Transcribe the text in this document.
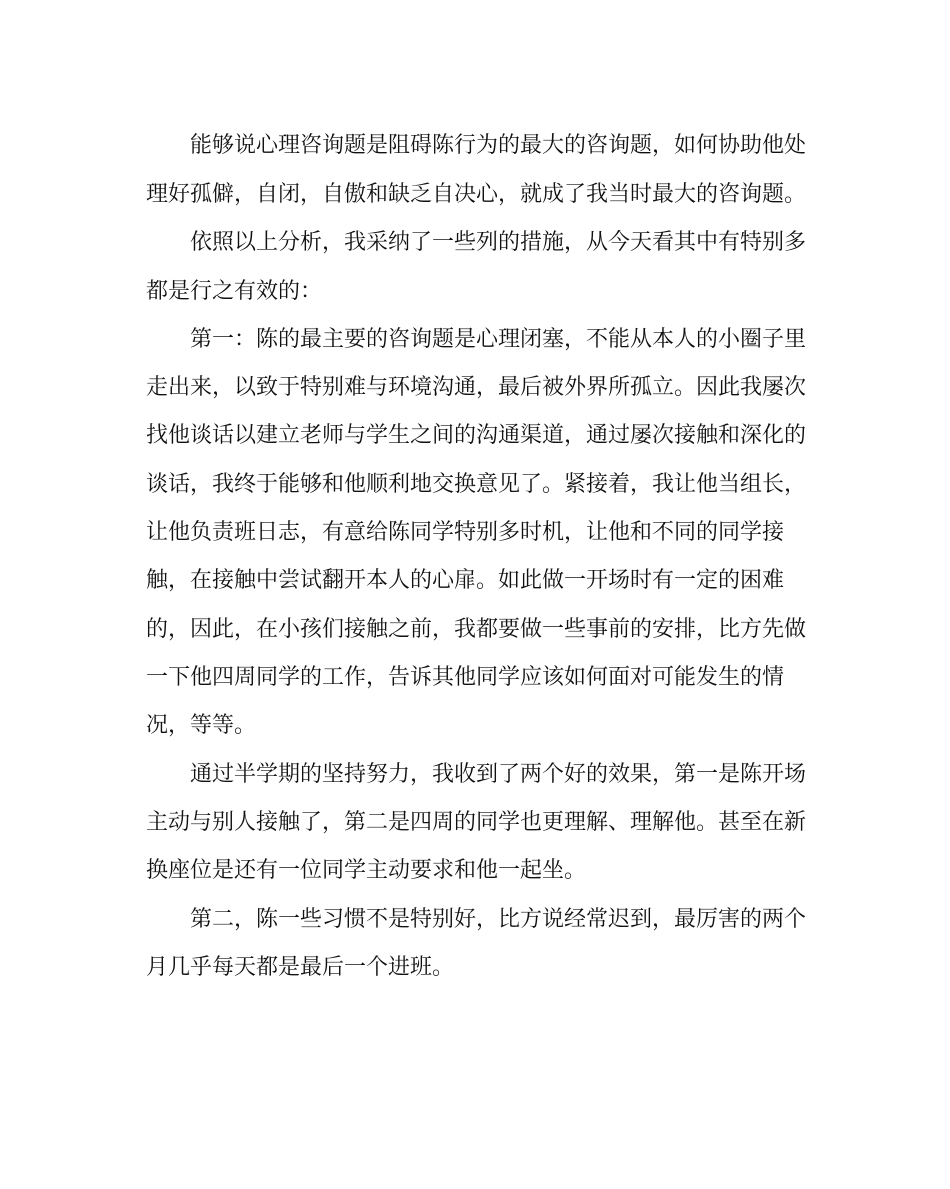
能够说心理咨询题是阻碍陈行为的最大的咨询题，如何协助他处
理好孤僻，自闭，自傲和缺乏自决心，就成了我当时最大的咨询题。
依照以上分析，我采纳了一些列的措施，从今天看其中有特别多
都是行之有效的：
第一：陈的最主要的咨询题是心理闭塞，不能从本人的小圈子里
走出来，以致于特别难与环境沟通，最后被外界所孤立。因此我屡次
找他谈话以建立老师与学生之间的沟通渠道，通过屡次接触和深化的
谈话，我终于能够和他顺利地交换意见了。紧接着，我让他当组长，
让他负责班日志，有意给陈同学特别多时机，让他和不同的同学接
触，在接触中尝试翻开本人的心扉。如此做一开场时有一定的困难
的，因此，在小孩们接触之前，我都要做一些事前的安排，比方先做
一下他四周同学的工作，告诉其他同学应该如何面对可能发生的情
况，等等。
通过半学期的坚持努力，我收到了两个好的效果，第一是陈开场
主动与别人接触了，第二是四周的同学也更理解、理解他。甚至在新
换座位是还有一位同学主动要求和他一起坐。
第二，陈一些习惯不是特别好，比方说经常迟到，最厉害的两个
月几乎每天都是最后一个进班。
